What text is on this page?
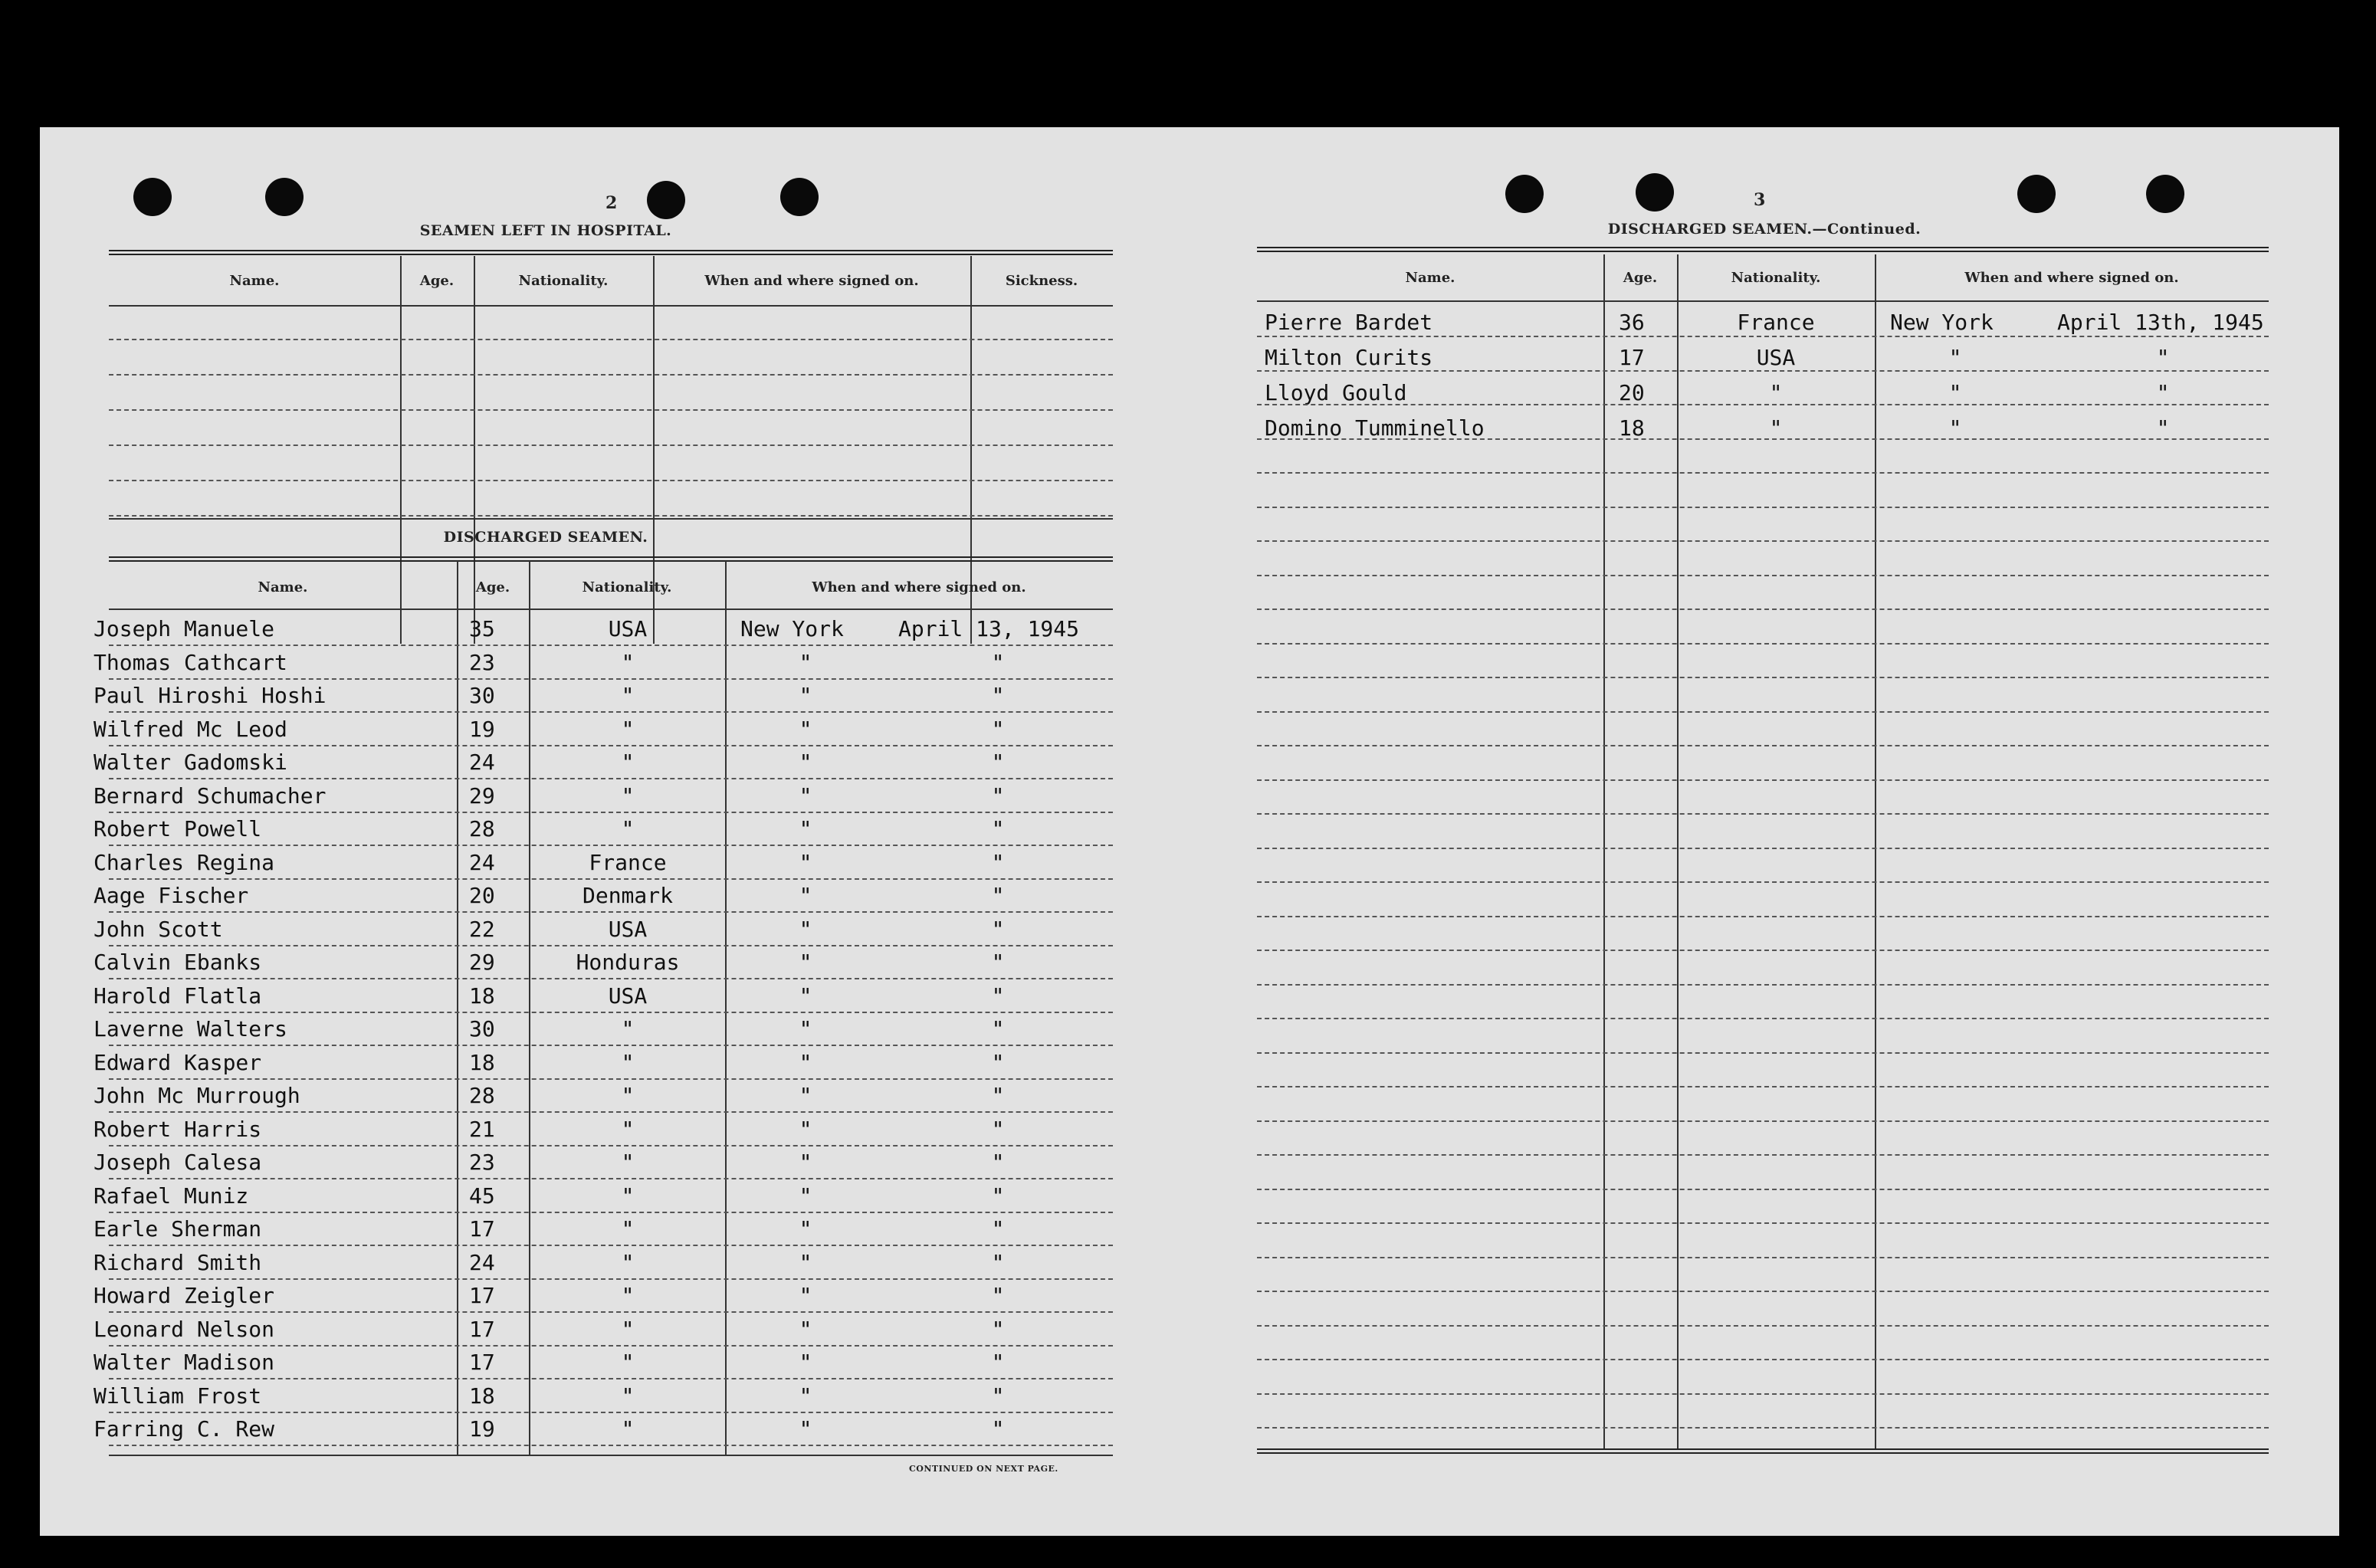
2
SEAMEN LEFT IN HOSPITAL.
Name.	Age.	Nationality.	When and where signed on.	Sickness.
DISCHARGED SEAMEN.
Name.	Age.	Nationality.	When and where signed on.
Joseph Manuele	35	USA	New York	April 13, 1945
Thomas Cathcart	23	"	"	"
Paul Hiroshi Hoshi	30	"	"	"
Wilfred Mc Leod	19	"	"	"
Walter Gadomski	24	"	"	"
Bernard Schumacher	29	"	"	"
Robert Powell	28	"	"	"
Charles Regina	24	France	"	"
Aage Fischer	20	Denmark	"	"
John Scott	22	USA	"	"
Calvin Ebanks	29	Honduras	"	"
Harold Flatla	18	USA	"	"
Laverne Walters	30	"	"	"
Edward Kasper	18	"	"	"
John Mc Murrough	28	"	"	"
Robert Harris	21	"	"	"
Joseph Calesa	23	"	"	"
Rafael Muniz	45	"	"	"
Earle Sherman	17	"	"	"
Richard Smith	24	"	"	"
Howard Zeigler	17	"	"	"
Leonard Nelson	17	"	"	"
Walter Madison	17	"	"	"
William Frost	18	"	"	"
Farring C. Rew	19	"	"	"
CONTINUED ON NEXT PAGE.
3
DISCHARGED SEAMEN.—Continued.
Name.	Age.	Nationality.	When and where signed on.
Pierre Bardet	36	France	New York	April 13th, 1945
Milton Curits	17	USA	"	"
Lloyd Gould	20	"	"	"
Domino Tumminello	18	"	"	"
